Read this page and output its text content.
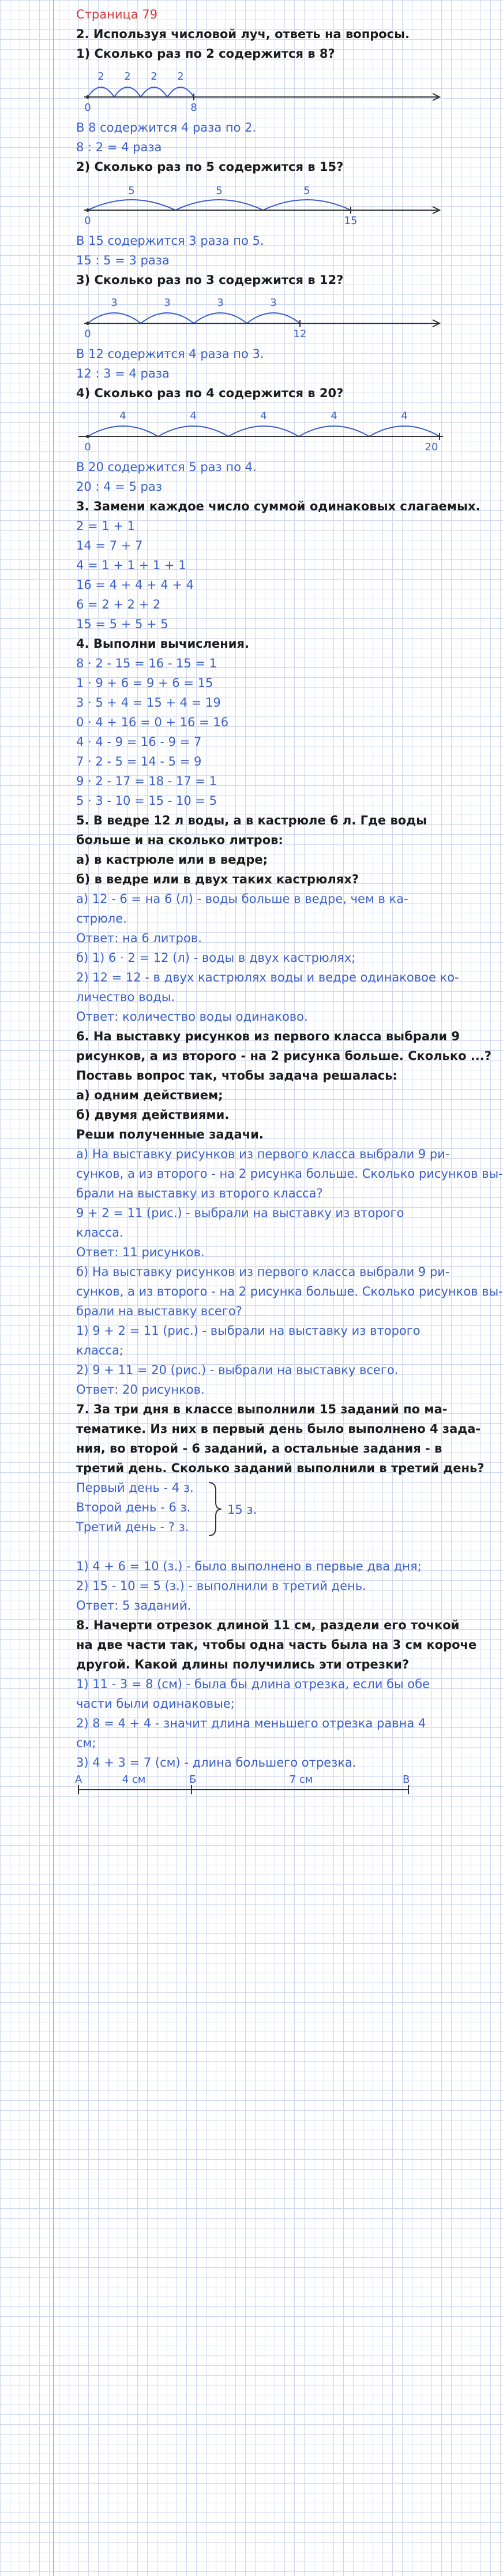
Страница 79
2. Используя числовой луч, ответь на вопросы.
1) Сколько раз по 2 содержится в 8?
2 2 2 2
0	8
В 8 содержится 4 раза по 2.
8 : 2 = 4 раза
2) Сколько раз по 5 содержится в 15?
5	5	5
0	15
В 15 содержится 3 раза по 5.
15 : 5 = 3 раза
3) Сколько раз по 3 содержится в 12?
3	3	3	3
0	12
В 12 содержится 4 раза по 3.
12 : 3 = 4 раза
4) Сколько раз по 4 содержится в 20?
4	4	4	4	4
0	20
В 20 содержится 5 раз по 4.
20 : 4 = 5 раз
3. Замени каждое число суммой одинаковых слагаемых.
2 = 1 + 1
14 = 7 + 7
4 = 1 + 1 + 1 + 1
16 = 4 + 4 + 4 + 4
6 = 2 + 2 + 2
15 = 5 + 5 + 5
4. Выполни вычисления.
8 · 2 - 15 = 16 - 15 = 1
1 · 9 + 6 = 9 + 6 = 15
3 · 5 + 4 = 15 + 4 = 19
0 · 4 + 16 = 0 + 16 = 16
4 · 4 - 9 = 16 - 9 = 7
7 · 2 - 5 = 14 - 5 = 9
9 · 2 - 17 = 18 - 17 = 1
5 · 3 - 10 = 15 - 10 = 5
5. В ведре 12 л воды, а в кастрюле 6 л. Где воды
больше и на сколько литров:
а) в кастрюле или в ведре;
б) в ведре или в двух таких кастрюлях?
а) 12 - 6 = на 6 (л) - воды больше в ведре, чем в ка-
стрюле.
Ответ: на 6 литров.
б) 1) 6 · 2 = 12 (л) - воды в двух кастрюлях;
2) 12 = 12 - в двух кастрюлях воды и ведре одинаковое ко-
личество воды.
Ответ: количество воды одинаково.
6. На выставку рисунков из первого класса выбрали 9
рисунков, а из второго - на 2 рисунка больше. Сколько ...?
Поставь вопрос так, чтобы задача решалась:
а) одним действием;
б) двумя действиями.
Реши полученные задачи.
а) На выставку рисунков из первого класса выбрали 9 ри-
сунков, а из второго - на 2 рисунка больше. Сколько рисунков вы-
брали на выставку из второго класса?
9 + 2 = 11 (рис.) - выбрали на выставку из второго
класса.
Ответ: 11 рисунков.
б) На выставку рисунков из первого класса выбрали 9 ри-
сунков, а из второго - на 2 рисунка больше. Сколько рисунков вы-
брали на выставку всего?
1) 9 + 2 = 11 (рис.) - выбрали на выставку из второго
класса;
2) 9 + 11 = 20 (рис.) - выбрали на выставку всего.
Ответ: 20 рисунков.
7. За три дня в классе выполнили 15 заданий по ма-
тематике. Из них в первый день было выполнено 4 зада-
ния, во второй - 6 заданий, а остальные задания - в
третий день. Сколько заданий выполнили в третий день?
Первый день - 4 з.
Второй день - 6 з.
Третий день - ? з.
15 з.
1) 4 + 6 = 10 (з.) - было выполнено в первые два дня;
2) 15 - 10 = 5 (з.) - выполнили в третий день.
Ответ: 5 заданий.
8. Начерти отрезок длиной 11 см, раздели его точкой
на две части так, чтобы одна часть была на 3 см короче
другой. Какой длины получились эти отрезки?
1) 11 - 3 = 8 (см) - была бы длина отрезка, если бы обе
части были одинаковые;
2) 8 = 4 + 4 - значит длина меньшего отрезка равна 4
см;
3) 4 + 3 = 7 (см) - длина большего отрезка.
А	Б	В
4 см	7 см
